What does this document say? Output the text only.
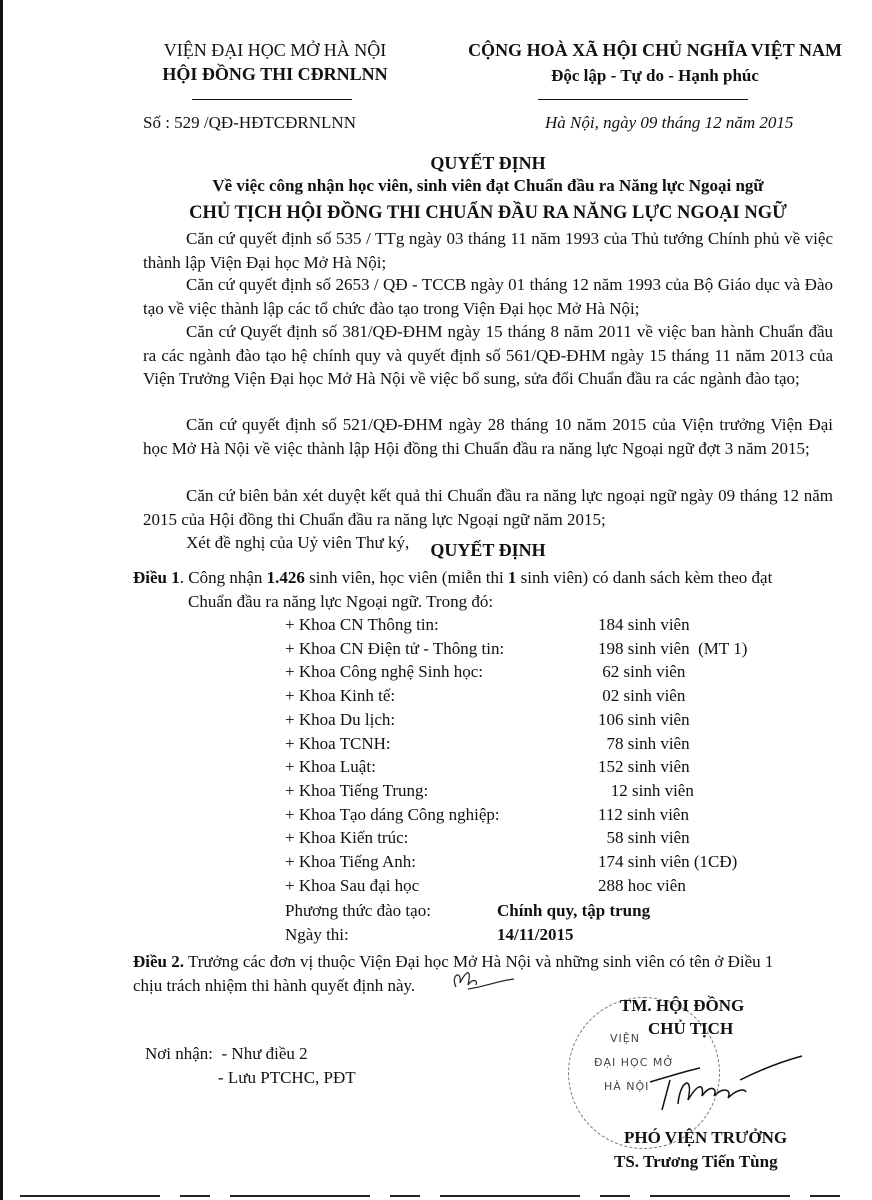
VIỆN ĐẠI HỌC MỞ HÀ NỘI
HỘI ĐỒNG THI CĐRNLNN
Số : 529 /QĐ-HĐTCĐRNLNN
CỘNG HOÀ XÃ HỘI CHỦ NGHĨA VIỆT NAM
Độc lập - Tự do - Hạnh phúc
Hà Nội, ngày 09 tháng 12 năm 2015
QUYẾT ĐỊNH
Về việc công nhận học viên, sinh viên đạt Chuẩn đầu ra Năng lực Ngoại ngữ
CHỦ TỊCH HỘI ĐỒNG THI CHUẨN ĐẦU RA NĂNG LỰC NGOẠI NGỮ
Căn cứ quyết định số 535 / TTg ngày 03 tháng 11 năm 1993 của Thủ tướng Chính phủ về việc thành lập Viện Đại học Mở Hà Nội;
Căn cứ quyết định số 2653 / QĐ - TCCB ngày 01 tháng 12 năm 1993 của Bộ Giáo dục và Đào tạo về việc thành lập các tổ chức đào tạo trong Viện Đại học Mở Hà Nội;
Căn cứ Quyết định số 381/QĐ-ĐHM ngày 15 tháng 8 năm 2011 về việc ban hành Chuẩn đầu ra các ngành đào tạo hệ chính quy và quyết định số 561/QĐ-ĐHM ngày 15 tháng 11 năm 2013 của Viện Trưởng Viện Đại học Mở Hà Nội về việc bổ sung, sửa đổi Chuẩn đầu ra các ngành đào tạo;
Căn cứ quyết định số 521/QĐ-ĐHM ngày 28 tháng 10 năm 2015 của Viện trưởng Viện Đại học Mở Hà Nội về việc thành lập Hội đồng thi Chuẩn đầu ra năng lực Ngoại ngữ đợt 3 năm 2015;
Căn cứ biên bản xét duyệt kết quả thi Chuẩn đầu ra năng lực ngoại ngữ ngày 09 tháng 12 năm 2015 của Hội đồng thi Chuẩn đầu ra năng lực Ngoại ngữ năm 2015;
Xét đề nghị của Uỷ viên Thư ký,	QUYẾT ĐỊNH
Điều 1. Công nhận 1.426 sinh viên, học viên (miễn thi 1 sinh viên) có danh sách kèm theo đạt
Chuẩn đầu ra năng lực Ngoại ngữ. Trong đó:
+ Khoa CN Thông tin:	184 sinh viên
+ Khoa CN Điện tử - Thông tin:	198 sinh viên  (MT 1)
+ Khoa Công nghệ Sinh học:	62 sinh viên
+ Khoa Kinh tế:	02 sinh viên
+ Khoa Du lịch:	106 sinh viên
+ Khoa TCNH:	78 sinh viên
+ Khoa Luật:	152 sinh viên
+ Khoa Tiếng Trung:	12 sinh viên
+ Khoa Tạo dáng Công nghiệp:	112 sinh viên
+ Khoa Kiến trúc:	58 sinh viên
+ Khoa Tiếng Anh:	174 sinh viên (1CĐ)
+ Khoa Sau đại học	288 hoc viên
Phương thức đào tạo:	Chính quy, tập trung
Ngày thi:	14/11/2015
Điều 2. Trưởng các đơn vị thuộc Viện Đại học Mở Hà Nội và những sinh viên có tên ở Điều 1
chịu trách nhiệm thi hành quyết định này.
Nơi nhận: - Như điều 2
- Lưu PTCHC, PĐT
VIỆN
ĐẠI HỌC MỞ
HÀ NỘI
TM. HỘI ĐỒNG
CHỦ TỊCH
PHÓ VIỆN TRƯỞNG
TS. Trương Tiến Tùng
